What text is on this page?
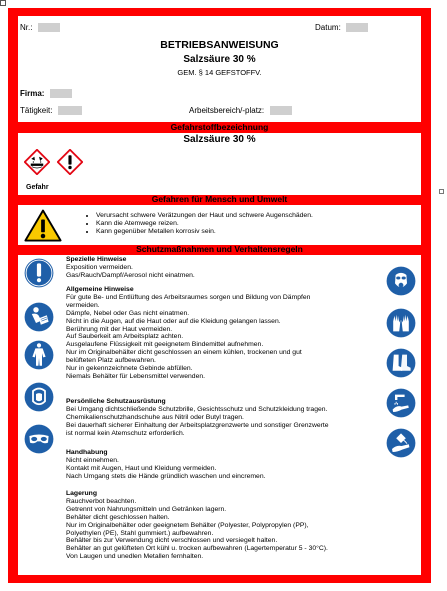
Nr.:	Datum:
BETRIEBSANWEISUNG
Salzsäure 30 %
GEM. § 14 GEFSTOFFV.
Firma:
Tätigkeit:	Arbeitsbereich/-platz:
Gefahrstoffbezeichnung
Salzsäure 30 %
Gefahr
Gefahren für Mensch und Umwelt
• Verursacht schwere Verätzungen der Haut und schwere Augenschäden.
• Kann die Atemwege reizen.
• Kann gegenüber Metallen korrosiv sein.
Schutzmaßnahmen und Verhaltensregeln
Spezielle Hinweise
Exposition vermeiden.
Gas/Rauch/Dampf/Aerosol nicht einatmen.
Allgemeine Hinweise
Für gute Be- und Entlüftung des Arbeitsraumes sorgen und Bildung von Dämpfen
vermeiden.
Dämpfe, Nebel oder Gas nicht einatmen.
Nicht in die Augen, auf die Haut oder auf die Kleidung gelangen lassen.
Berührung mit der Haut vermeiden.
Auf Sauberkeit am Arbeitsplatz achten.
Ausgelaufene Flüssigkeit mit geeignetem Bindemittel aufnehmen.
Nur im Originalbehälter dicht geschlossen an einem kühlen, trockenen und gut
belüfteten Platz aufbewahren.
Nur in gekennzeichnete Gebinde abfüllen.
Niemals Behälter für Lebensmittel verwenden.
Persönliche Schutzausrüstung
Bei Umgang dichtschließende Schutzbrille, Gesichtsschutz und Schutzkleidung tragen.
Chemikalienschutzhandschuhe aus Nitril oder Butyl tragen.
Bei dauerhaft sicherer Einhaltung der Arbeitsplatzgrenzwerte und sonstiger Grenzwerte
ist normal kein Atemschutz erforderlich.
Handhabung
Nicht einnehmen.
Kontakt mit Augen, Haut und Kleidung vermeiden.
Nach Umgang stets die Hände gründlich waschen und eincremen.
Lagerung
Rauchverbot beachten.
Getrennt von Nahrungsmitteln und Getränken lagern.
Behälter dicht geschlossen halten.
Nur im Originalbehälter oder geeignetem Behälter (Polyester, Polypropylen (PP),
Polyethylen (PE), Stahl gummiert.) aufbewahren.
Behälter bis zur Verwendung dicht verschlossen und versiegelt halten.
Behälter an gut gelüfteten Ort kühl u. trocken aufbewahren (Lagertemperatur 5 - 30°C).
Von Laugen und unedlen Metallen fernhalten.
